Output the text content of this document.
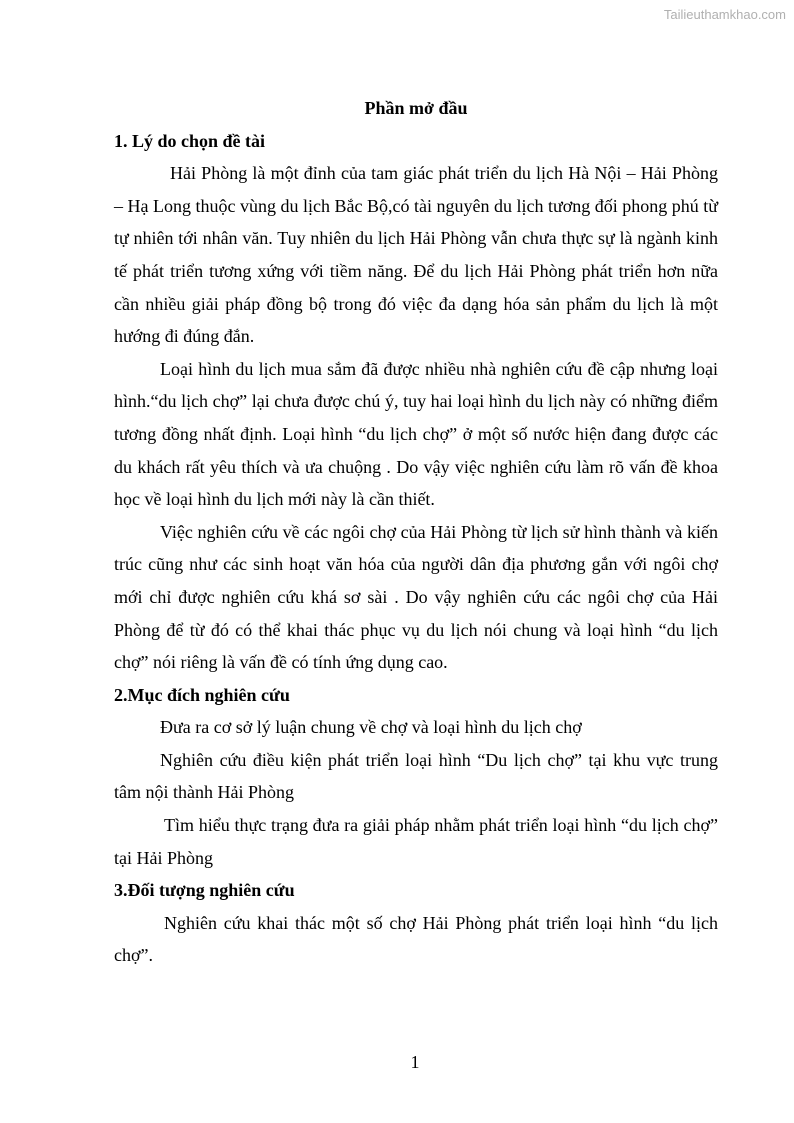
Tailieuthamkhao.com

Phần mở đầu

1. Lý do chọn đề tài

Hải Phòng là một đỉnh của tam giác phát triển du lịch Hà Nội – Hải Phòng – Hạ Long thuộc vùng du lịch Bắc Bộ,có tài nguyên du lịch tương đối phong phú từ tự nhiên tới nhân văn. Tuy nhiên du lịch Hải Phòng vẫn chưa thực sự là ngành kinh tế phát triển tương xứng với tiềm năng. Để du lịch Hải Phòng phát triển hơn nữa cần nhiều giải pháp đồng bộ trong đó việc đa dạng hóa sản phẩm du lịch là một hướng đi đúng đắn.

Loại hình du lịch mua sắm đã được nhiều nhà nghiên cứu đề cập nhưng loại hình.“du lịch chợ” lại chưa được chú ý, tuy hai loại hình du lịch này có những điểm tương đồng nhất định. Loại hình “du lịch chợ” ở một số nước hiện đang được các du khách rất yêu thích và ưa chuộng . Do vậy việc nghiên cứu làm rõ vấn đề khoa học về loại hình du lịch mới này là cần thiết.

Việc nghiên cứu về các ngôi chợ của Hải Phòng từ lịch sử hình thành và kiến trúc cũng như các sinh hoạt văn hóa của người dân địa phương gắn với ngôi chợ mới chỉ được nghiên cứu khá sơ sài . Do vậy nghiên cứu các ngôi chợ của Hải Phòng để từ đó có thể khai thác phục vụ du lịch nói chung và loại hình “du lịch chợ” nói riêng là vấn đề có tính ứng dụng cao.

2.Mục đích nghiên cứu

Đưa ra cơ sở lý luận chung về chợ và loại hình du lịch chợ

Nghiên cứu điều kiện phát triển loại hình “Du lịch chợ” tại khu vực trung tâm nội thành Hải Phòng

Tìm hiểu thực trạng đưa ra giải pháp nhằm phát triển loại hình “du lịch chợ” tại Hải Phòng

3.Đối tượng nghiên cứu

Nghiên cứu khai thác một số chợ Hải Phòng phát triển loại hình “du lịch chợ”.

1
